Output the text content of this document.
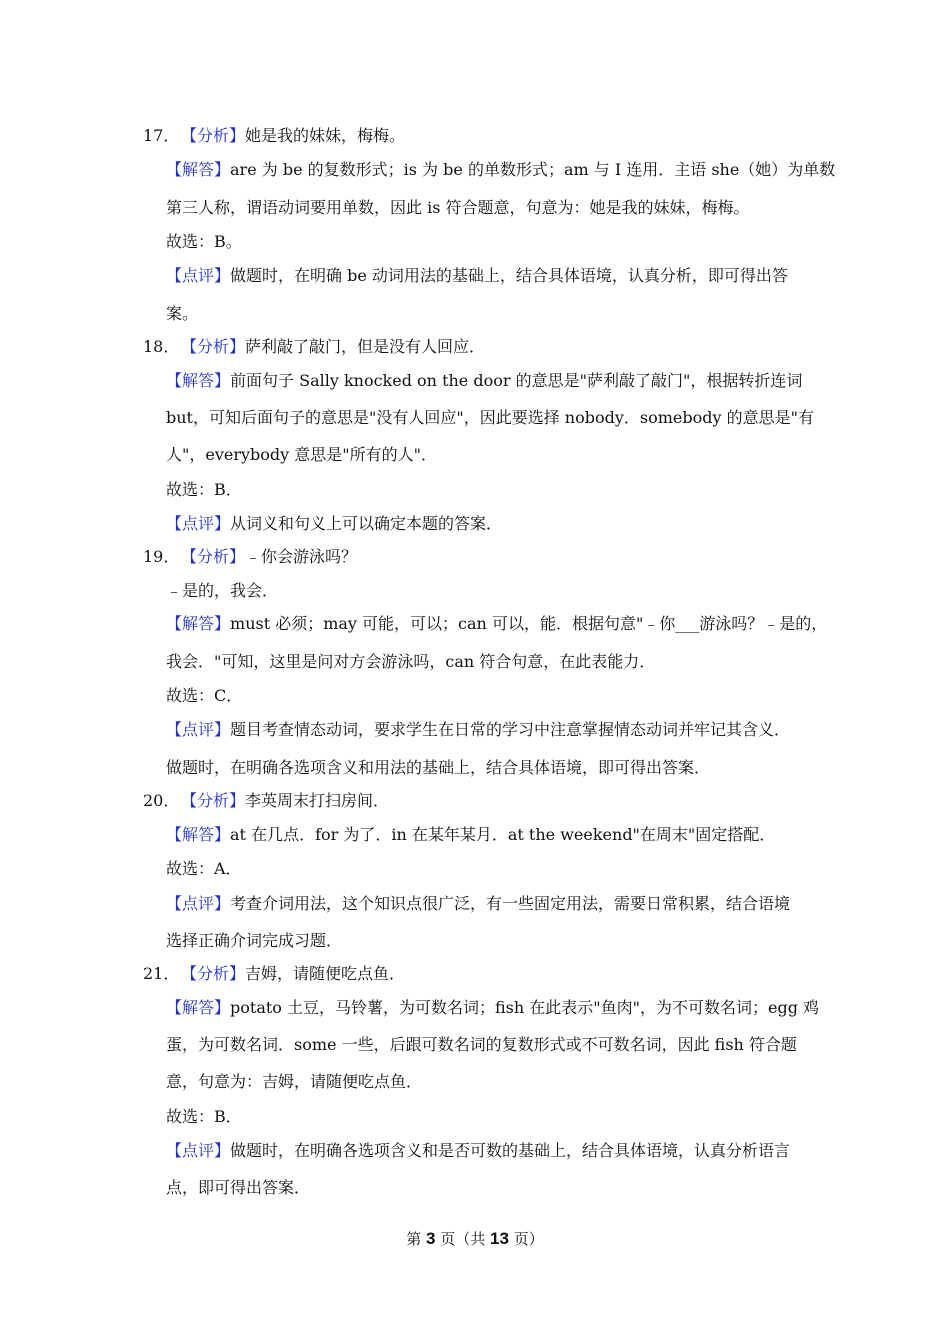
17． 【分析】她是我的妹妹，梅梅。
【解答】are 为 be 的复数形式；is 为 be 的单数形式；am 与 I 连用．主语 she（她）为单数
第三人称，谓语动词要用单数，因此 is 符合题意，句意为：她是我的妹妹，梅梅。
故选：B。
【点评】做题时，在明确 be 动词用法的基础上，结合具体语境，认真分析，即可得出答
案。
18． 【分析】萨利敲了敲门，但是没有人回应．
【解答】前面句子 Sally knocked on the door 的意思是"萨利敲了敲门"，根据转折连词
but，可知后面句子的意思是"没有人回应"，因此要选择 nobody．somebody 的意思是"有
人"，everybody 意思是"所有的人"．
故选：B．
【点评】从词义和句义上可以确定本题的答案．
19． 【分析】﹣你会游泳吗？
﹣是的，我会．
【解答】must 必须；may 可能，可以；can 可以，能．根据句意"﹣你___游泳吗？﹣是的，
我会．"可知，这里是问对方会游泳吗，can 符合句意，在此表能力．
故选：C．
【点评】题目考查情态动词，要求学生在日常的学习中注意掌握情态动词并牢记其含义．
做题时，在明确各选项含义和用法的基础上，结合具体语境，即可得出答案．
20． 【分析】李英周末打扫房间．
【解答】at 在几点．for 为了．in 在某年某月．at the weekend"在周末"固定搭配．
故选：A．
【点评】考查介词用法，这个知识点很广泛，有一些固定用法，需要日常积累，结合语境
选择正确介词完成习题．
21． 【分析】吉姆，请随便吃点鱼．
【解答】potato 土豆，马铃薯，为可数名词；fish 在此表示"鱼肉"，为不可数名词；egg 鸡
蛋，为可数名词．some 一些，后跟可数名词的复数形式或不可数名词，因此 fish 符合题
意，句意为：吉姆，请随便吃点鱼．
故选：B．
【点评】做题时，在明确各选项含义和是否可数的基础上，结合具体语境，认真分析语言
点，即可得出答案．
第 3 页（共 13 页）
